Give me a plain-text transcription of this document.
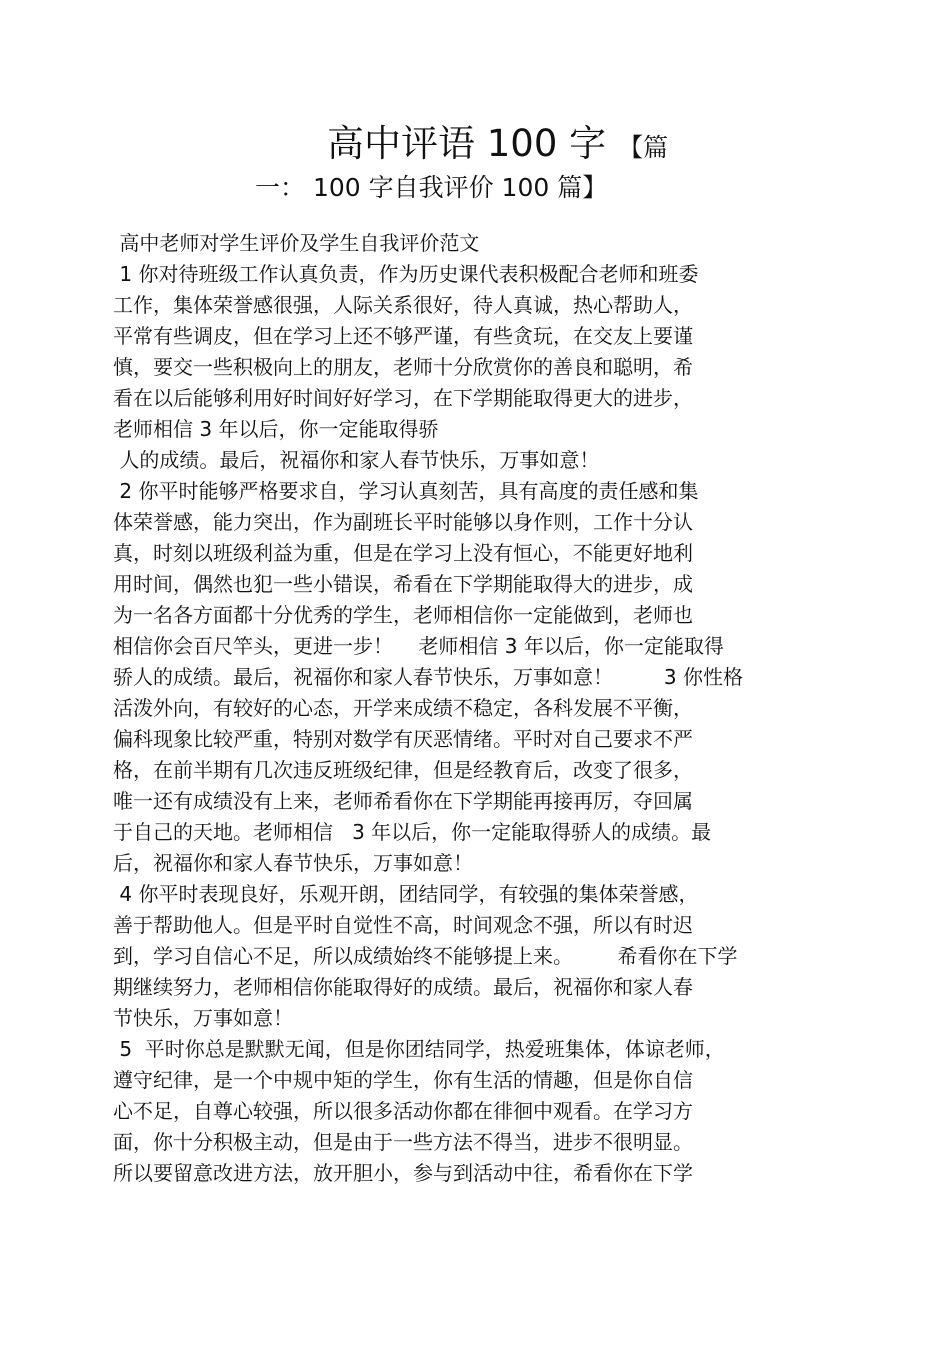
高中评语 100 字 【篇
一： 100 字自我评价 100 篇】
高中老师对学生评价及学生自我评价范文
1 你对待班级工作认真负责，作为历史课代表积极配合老师和班委
工作，集体荣誉感很强，人际关系很好，待人真诚，热心帮助人，
平常有些调皮，但在学习上还不够严谨，有些贪玩，在交友上要谨
慎，要交一些积极向上的朋友，老师十分欣赏你的善良和聪明，希
看在以后能够利用好时间好好学习，在下学期能取得更大的进步，
老师相信 3 年以后，你一定能取得骄
人的成绩。最后，祝福你和家人春节快乐，万事如意！
2 你平时能够严格要求自，学习认真刻苦，具有高度的责任感和集
体荣誉感，能力突出，作为副班长平时能够以身作则，工作十分认
真，时刻以班级利益为重，但是在学习上没有恒心，不能更好地利
用时间，偶然也犯一些小错误，希看在下学期能取得大的进步，成
为一名各方面都十分优秀的学生，老师相信你一定能做到，老师也
相信你会百尺竿头，更进一步！    老师相信 3 年以后，你一定能取得
骄人的成绩。最后，祝福你和家人春节快乐，万事如意！        3 你性格
活泼外向，有较好的心态，开学来成绩不稳定，各科发展不平衡，
偏科现象比较严重，特别对数学有厌恶情绪。平时对自己要求不严
格，在前半期有几次违反班级纪律，但是经教育后，改变了很多，
唯一还有成绩没有上来，老师希看你在下学期能再接再厉，夺回属
于自己的天地。老师相信   3 年以后，你一定能取得骄人的成绩。最
后，祝福你和家人春节快乐，万事如意！
4 你平时表现良好，乐观开朗，团结同学，有较强的集体荣誉感，
善于帮助他人。但是平时自觉性不高，时间观念不强，所以有时迟
到，学习自信心不足，所以成绩始终不能够提上来。       希看你在下学
期继续努力，老师相信你能取得好的成绩。最后，祝福你和家人春
节快乐，万事如意！
5  平时你总是默默无闻，但是你团结同学，热爱班集体，体谅老师，
遵守纪律，是一个中规中矩的学生，你有生活的情趣，但是你自信
心不足，自尊心较强，所以很多活动你都在徘徊中观看。在学习方
面，你十分积极主动，但是由于一些方法不得当，进步不很明显。
所以要留意改进方法，放开胆小，参与到活动中往，希看你在下学
